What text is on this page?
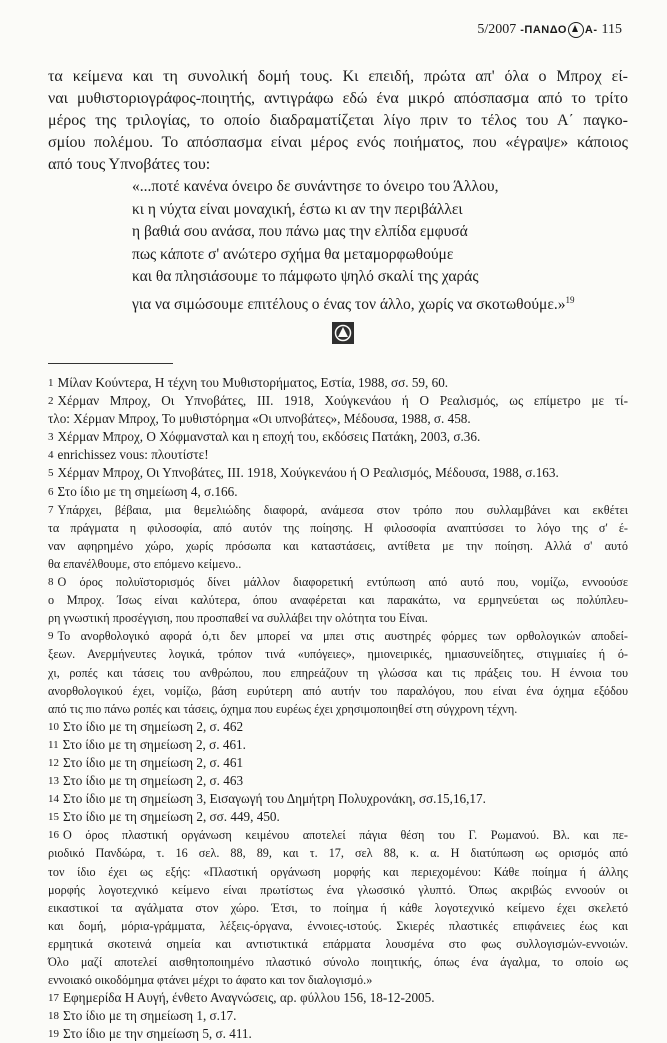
5/2007 -ΠΑΝΔΟ Α- 115

τα κείμενα και τη συνολική δομή τους. Κι επειδή, πρώτα απ' όλα ο Μπροχ εί-

ναι μυθιστοριογράφος-ποιητής, αντιγράφω εδώ ένα μικρό απόσπασμα από το τρίτο

μέρος της τριλογίας, το οποίο διαδραματίζεται λίγο πριν το τέλος του Α΄ παγκο-

σμίου πολέμου. Το απόσπασμα είναι μέρος ενός ποιήματος, που «έγραψε» κάποιος

από τους Υπνοβάτες του:

«...ποτέ κανένα όνειρο δε συνάντησε το όνειρο του Άλλου,
κι η νύχτα είναι μοναχική, έστω κι αν την περιβάλλει
η βαθιά σου ανάσα, που πάνω μας την ελπίδα εμφυσά
πως κάποτε σ' ανώτερο σχήμα θα μεταμορφωθούμε
και θα πλησιάσουμε το πάμφωτο ψηλό σκαλί της χαράς
για να σιμώσουμε επιτέλους ο ένας τον άλλο, χωρίς να σκοτωθούμε.»$^{19}$
1 Μίλαν Κούντερα, Η τέχνη του Μυθιστορήματος, Εστία, 1988, σσ. 59, 60.
2 Χέρμαν Μπροχ, Οι Υπνοβάτες, ΙΙΙ. 1918, Χούγκενάου ή Ο Ρεαλισμός, ως επίμετρο με τί-
τλο: Χέρμαν Μπροχ, Το μυθιστόρημα «Οι υπνοβάτες», Μέδουσα, 1988, σ. 458.
3 Χέρμαν Μπροχ, Ο Χόφμανσταλ και η εποχή του, εκδόσεις Πατάκη, 2003, σ.36.
4 enrichissez vous: πλουτίστε!
5 Χέρμαν Μπροχ, Οι Υπνοβάτες, ΙΙΙ. 1918, Χούγκενάου ή Ο Ρεαλισμός, Μέδουσα, 1988, σ.163.
6 Στο ίδιο με τη σημείωση 4, σ.166.
7 Υπάρχει, βέβαια, μια θεμελιώδης διαφορά, ανάμεσα στον τρόπο που συλλαμβάνει και εκθέτει
τα πράγματα η φιλοσοφία, από αυτόν της ποίησης. Η φιλοσοφία αναπτύσσει το λόγο της σ' έ-
ναν αφηρημένο χώρο, χωρίς πρόσωπα και καταστάσεις, αντίθετα με την ποίηση. Αλλά σ' αυτό
θα επανέλθουμε, στο επόμενο κείμενο..
8 Ο όρος πολυϊστορισμός δίνει μάλλον διαφορετική εντύπωση από αυτό που, νομίζω, εννοούσε
ο Μπροχ. Ίσως είναι καλύτερα, όπου αναφέρεται και παρακάτω, να ερμηνεύεται ως πολύπλευ-
ρη γνωστική προσέγγιση, που προσπαθεί να συλλάβει την ολότητα του Είναι.
9 Το ανορθολογικό αφορά ό,τι δεν μπορεί να μπει στις αυστηρές φόρμες των ορθολογικών αποδεί-
ξεων. Ανερμήνευτες λογικά, τρόπον τινά «υπόγειες», ημιονειρικές, ημιασυνείδητες, στιγμιαίες ή ό-
χι, ροπές και τάσεις του ανθρώπου, που επηρεάζουν τη γλώσσα και τις πράξεις του. Η έννοια του
ανορθολογικού έχει, νομίζω, βάση ευρύτερη από αυτήν του παραλόγου, που είναι ένα όχημα εξόδου
από τις πιο πάνω ροπές και τάσεις, όχημα που ευρέως έχει χρησιμοποιηθεί στη σύγχρονη τέχνη.
10 Στο ίδιο με τη σημείωση 2, σ. 462
11 Στο ίδιο με τη σημείωση 2, σ. 461.
12 Στο ίδιο με τη σημείωση 2, σ. 461
13 Στο ίδιο με τη σημείωση 2, σ. 463
14 Στο ίδιο με τη σημείωση 3, Εισαγωγή του Δημήτρη Πολυχρονάκη, σσ.15,16,17.
15 Στο ίδιο με τη σημείωση 2, σσ. 449, 450.
16 Ο όρος πλαστική οργάνωση κειμένου αποτελεί πάγια θέση του Γ. Ρωμανού. Βλ. και πε-
ριοδικό Πανδώρα, τ. 16 σελ. 88, 89, και τ. 17, σελ 88, κ. α. Η διατύπωση ως ορισμός από
τον ίδιο έχει ως εξής: «Πλαστική οργάνωση μορφής και περιεχομένου: Κάθε ποίημα ή άλλης
μορφής λογοτεχνικό κείμενο είναι πρωτίστως ένα γλωσσικό γλυπτό. Όπως ακριβώς εννοούν οι
εικαστικοί τα αγάλματα στον χώρο. Έτσι, το ποίημα ή κάθε λογοτεχνικό κείμενο έχει σκελετό
και δομή, μόρια-γράμματα, λέξεις-όργανα, έννοιες-ιστούς. Σκιερές πλαστικές επιφάνειες έως και
ερμητικά σκοτεινά σημεία και αντιστικτικά επάρματα λουσμένα στο φως συλλογισμών-εννοιών.
Όλο μαζί αποτελεί αισθητοποιημένο πλαστικό σύνολο ποιητικής, όπως ένα άγαλμα, το οποίο ως
εννοιακό οικοδόμημα φτάνει μέχρι το άφατο και τον διαλογισμό.»
17 Εφημερίδα Η Αυγή, ένθετο Αναγνώσεις, αρ. φύλλου 156, 18-12-2005.
18 Στο ίδιο με τη σημείωση 1, σ.17.
19 Στο ίδιο με την σημείωση 5, σ. 411.
